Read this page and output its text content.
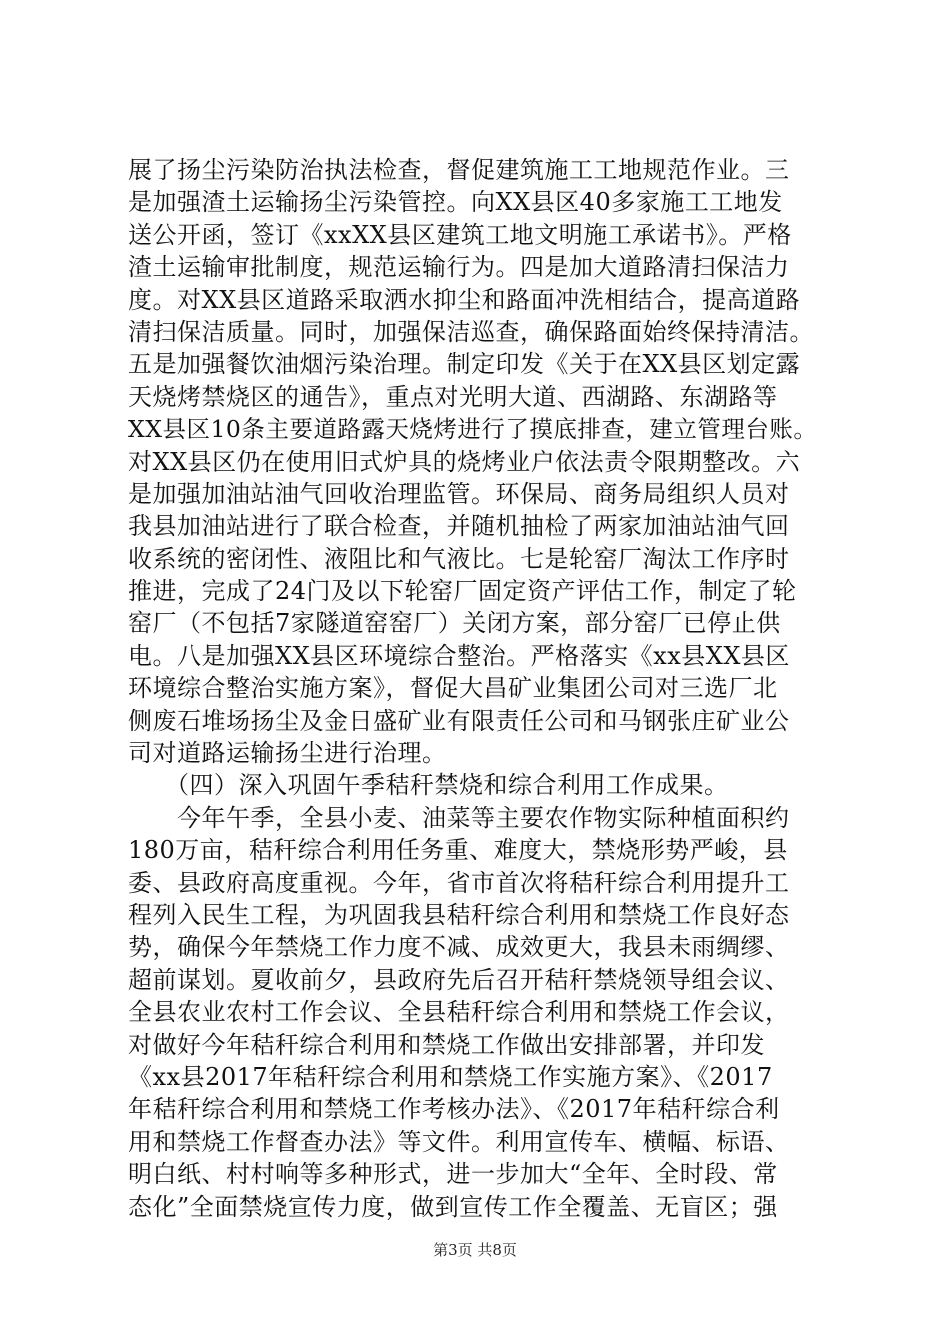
展了扬尘污染防治执法检查，督促建筑施工工地规范作业。三
是加强渣土运输扬尘污染管控。向XX县区40多家施工工地发
送公开函，签订《xxXX县区建筑工地文明施工承诺书》。严格
渣土运输审批制度，规范运输行为。四是加大道路清扫保洁力
度。对XX县区道路采取洒水抑尘和路面冲洗相结合，提高道路
清扫保洁质量。同时，加强保洁巡查，确保路面始终保持清洁。
五是加强餐饮油烟污染治理。制定印发《关于在XX县区划定露
天烧烤禁烧区的通告》，重点对光明大道、西湖路、东湖路等
XX县区10条主要道路露天烧烤进行了摸底排查，建立管理台账。
对XX县区仍在使用旧式炉具的烧烤业户依法责令限期整改。六
是加强加油站油气回收治理监管。环保局、商务局组织人员对
我县加油站进行了联合检查，并随机抽检了两家加油站油气回
收系统的密闭性、液阻比和气液比。七是轮窑厂淘汰工作序时
推进，完成了24门及以下轮窑厂固定资产评估工作，制定了轮
窑厂（不包括7家隧道窑窑厂）关闭方案，部分窑厂已停止供
电。八是加强XX县区环境综合整治。严格落实《xx县XX县区
环境综合整治实施方案》，督促大昌矿业集团公司对三选厂北
侧废石堆场扬尘及金日盛矿业有限责任公司和马钢张庄矿业公
司对道路运输扬尘进行治理。
　　（四）深入巩固午季秸秆禁烧和综合利用工作成果。
　　今年午季，全县小麦、油菜等主要农作物实际种植面积约
180万亩，秸秆综合利用任务重、难度大，禁烧形势严峻，县
委、县政府高度重视。今年，省市首次将秸秆综合利用提升工
程列入民生工程，为巩固我县秸秆综合利用和禁烧工作良好态
势，确保今年禁烧工作力度不减、成效更大，我县未雨绸缪、
超前谋划。夏收前夕，县政府先后召开秸秆禁烧领导组会议、
全县农业农村工作会议、全县秸秆综合利用和禁烧工作会议，
对做好今年秸秆综合利用和禁烧工作做出安排部署，并印发
《xx县2017年秸秆综合利用和禁烧工作实施方案》、《2017
年秸秆综合利用和禁烧工作考核办法》、《2017年秸秆综合利
用和禁烧工作督查办法》等文件。利用宣传车、横幅、标语、
明白纸、村村响等多种形式，进一步加大“全年、全时段、常
态化”全面禁烧宣传力度，做到宣传工作全覆盖、无盲区；强
第3页 共8页
